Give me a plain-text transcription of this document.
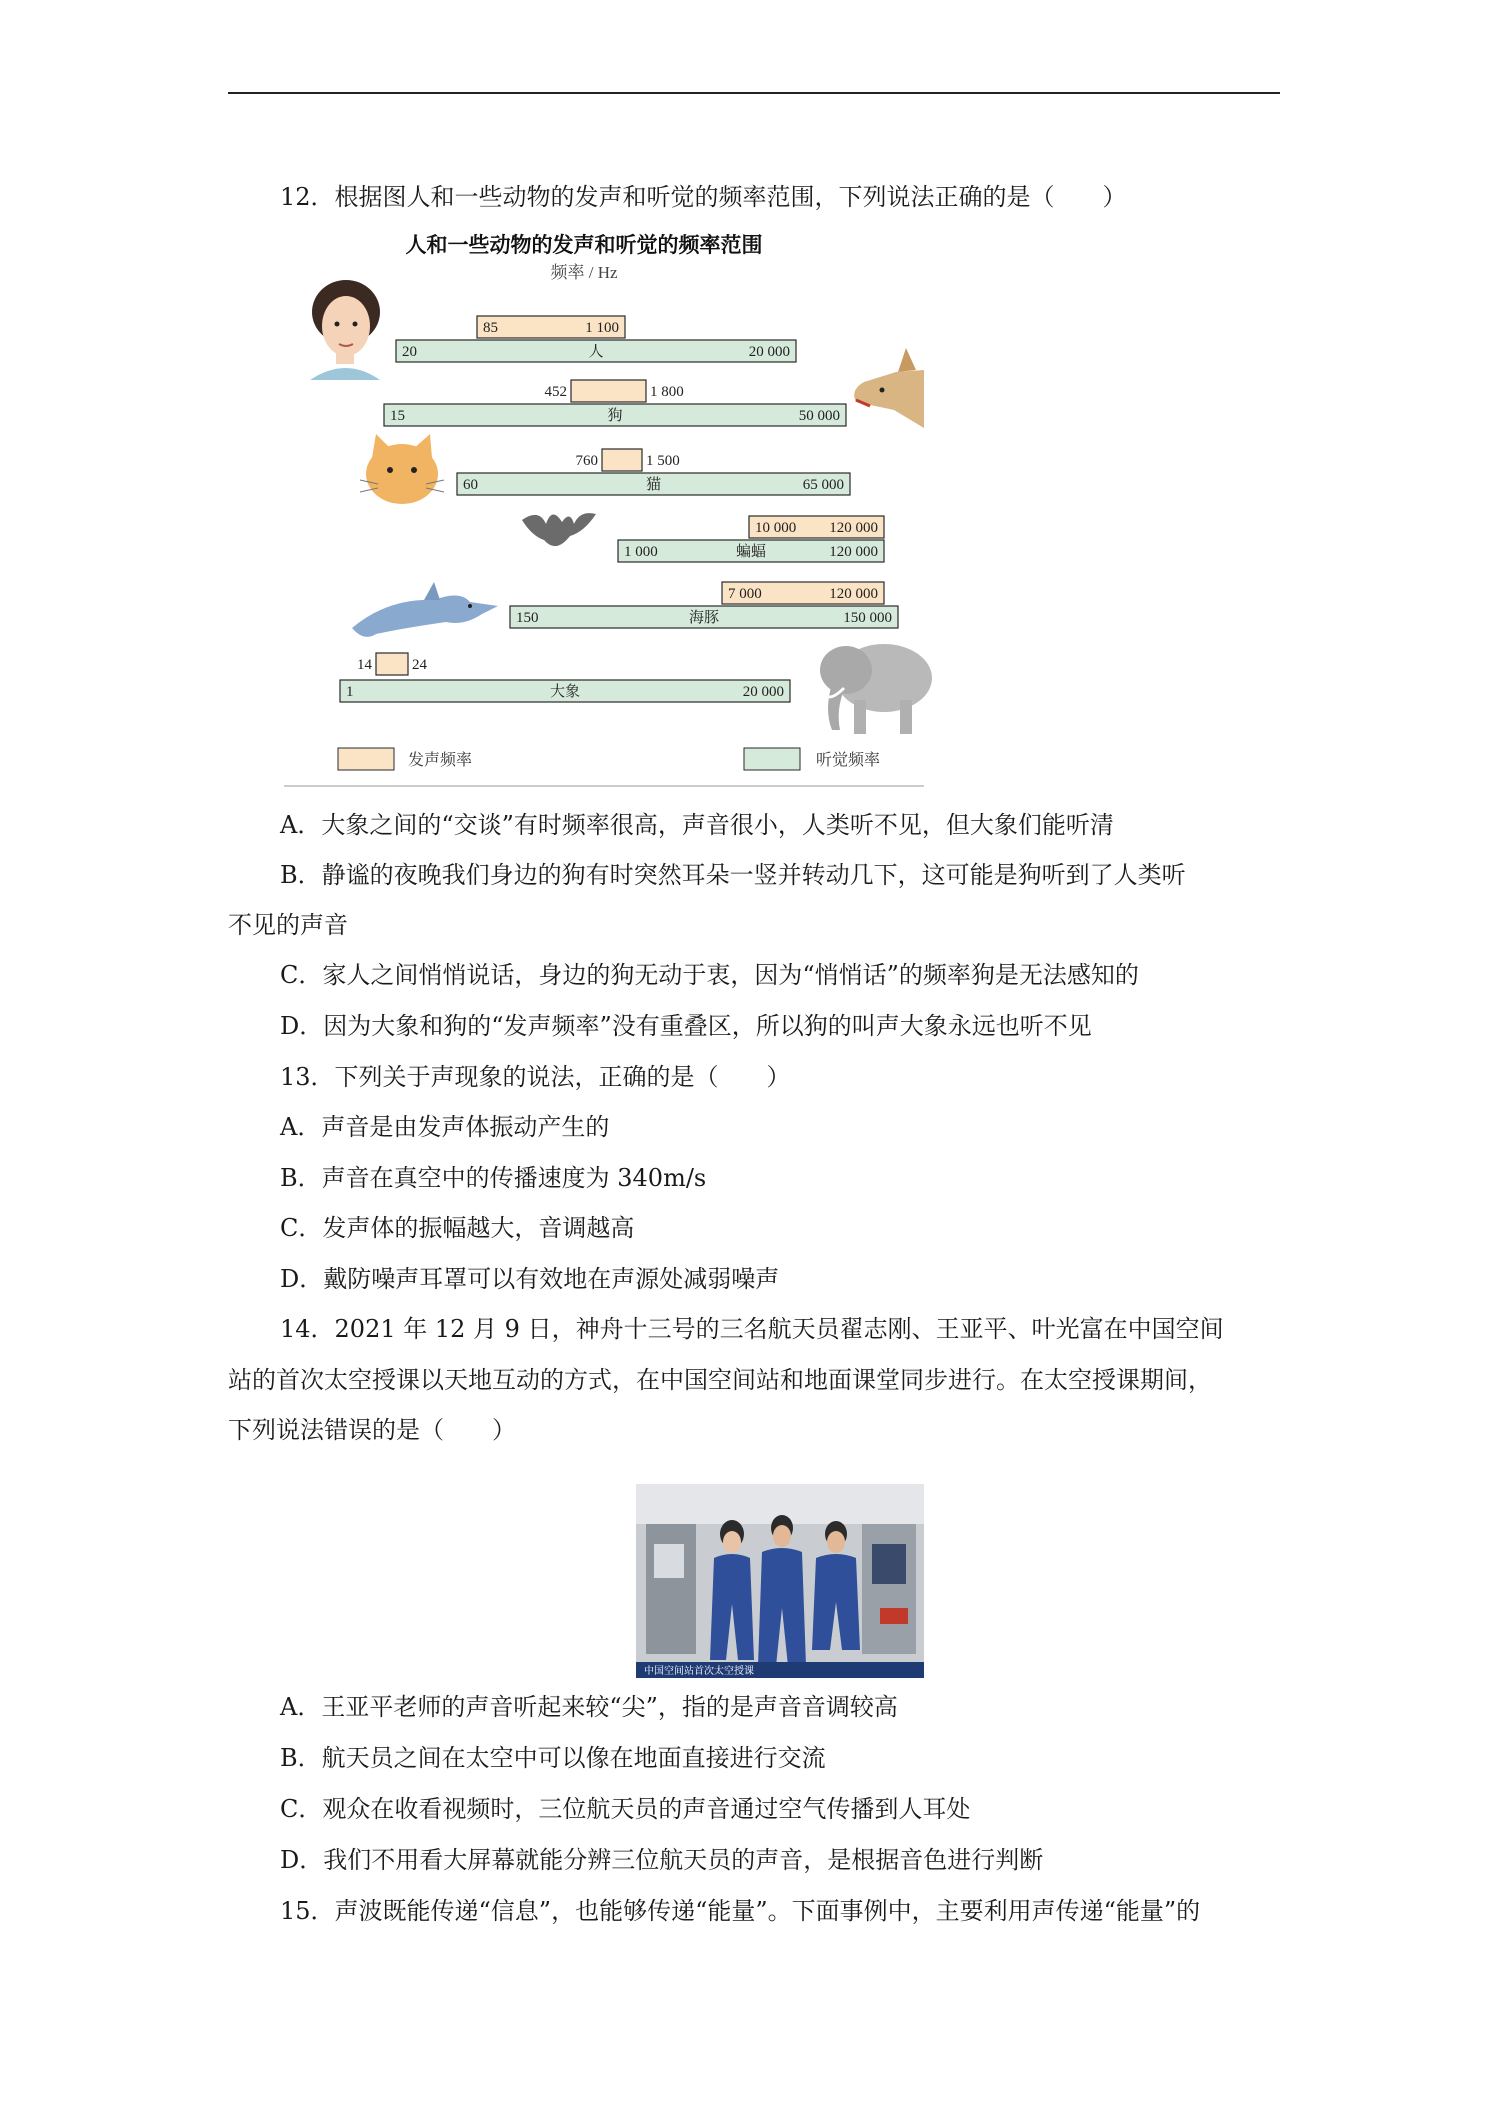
12．根据图人和一些动物的发声和听觉的频率范围，下列说法正确的是（　　）
人和一些动物的发声和听觉的频率范围
频率 / Hz
20	20 000
人
85	1 100
15	50 000
狗
452	1 800
60	65 000
猫
760	1 500
1 000	120 000
蝙蝠
10 000 120 000
150	150 000
海豚
7 000	120 000
1	20 000
大象
14	24
发声频率	听觉频率
A．大象之间的“交谈”有时频率很高，声音很小，人类听不见，但大象们能听清
B．静谧的夜晚我们身边的狗有时突然耳朵一竖并转动几下，这可能是狗听到了人类听
不见的声音
C．家人之间悄悄说话，身边的狗无动于衷，因为“悄悄话”的频率狗是无法感知的
D．因为大象和狗的“发声频率”没有重叠区，所以狗的叫声大象永远也听不见
13．下列关于声现象的说法，正确的是（　　）
A．声音是由发声体振动产生的
B．声音在真空中的传播速度为 340m/s
C．发声体的振幅越大，音调越高
D．戴防噪声耳罩可以有效地在声源处减弱噪声
14．2021 年 12 月 9 日，神舟十三号的三名航天员翟志刚、王亚平、叶光富在中国空间
站的首次太空授课以天地互动的方式，在中国空间站和地面课堂同步进行。在太空授课期间，
下列说法错误的是（　　）
中国空间站首次太空授课
A．王亚平老师的声音听起来较“尖”，指的是声音音调较高
B．航天员之间在太空中可以像在地面直接进行交流
C．观众在收看视频时，三位航天员的声音通过空气传播到人耳处
D．我们不用看大屏幕就能分辨三位航天员的声音，是根据音色进行判断
15．声波既能传递“信息”，也能够传递“能量”。下面事例中，主要利用声传递“能量”的
